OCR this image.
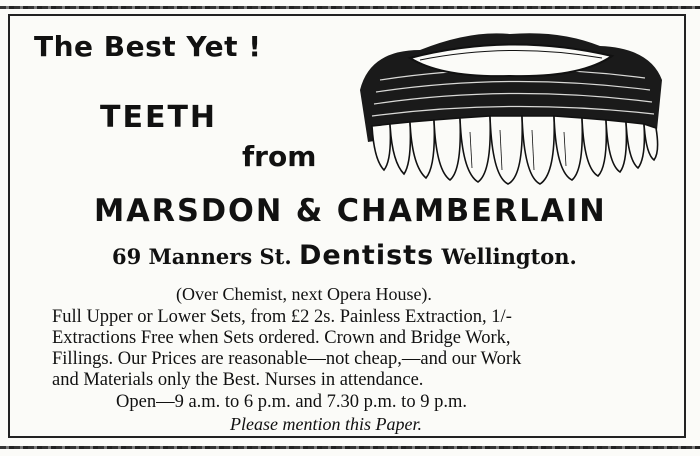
The Best Yet !
TEETH
from
MARSDON & CHAMBERLAIN
69 Manners St. Dentists Wellington.
(Over Chemist, next Opera House).
Full Upper or Lower Sets, from £2 2s. Painless Extraction, 1/-
Extractions Free when Sets ordered. Crown and Bridge Work,
Fillings. Our Prices are reasonable—not cheap,—and our Work
and Materials only the Best. Nurses in attendance.
Open—9 a.m. to 6 p.m. and 7.30 p.m. to 9 p.m.
Please mention this Paper.
